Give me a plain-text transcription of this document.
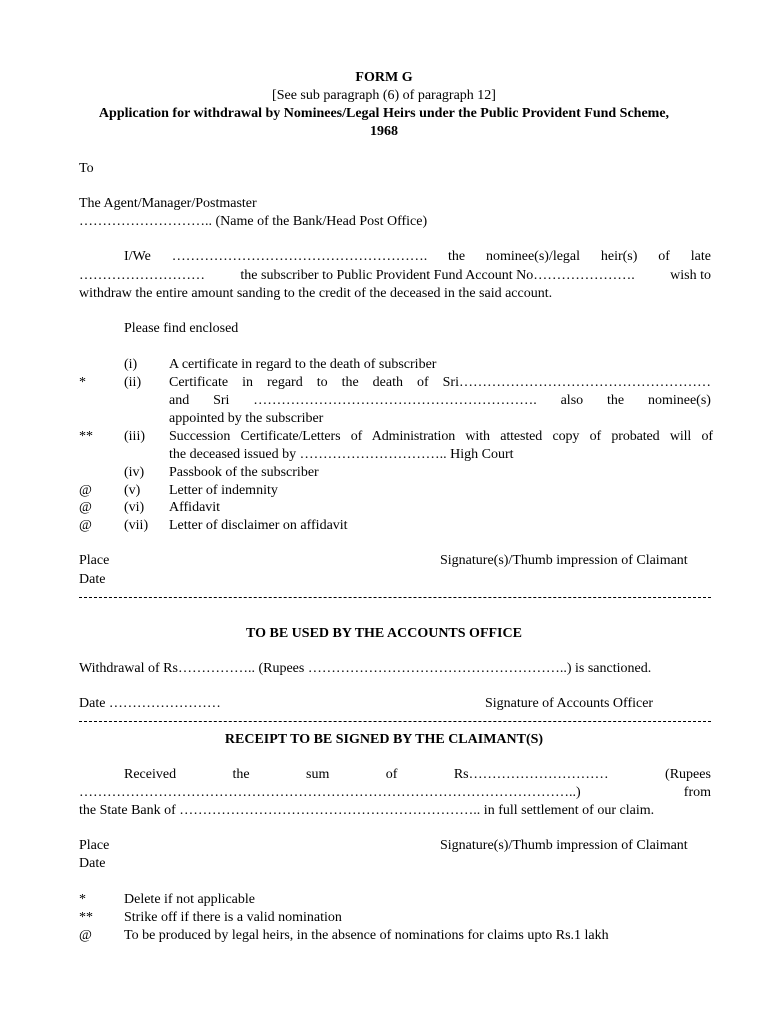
FORM G
[See sub paragraph (6) of paragraph 12]
Application for withdrawal by Nominees/Legal Heirs under the Public Provident Fund Scheme,
1968
To
The Agent/Manager/Postmaster
……………………….. (Name of the Bank/Head Post Office)
I/We ………………………………………………. the nominee(s)/legal heir(s) of late
………………………	the subscriber to Public Provident Fund Account No………………….	wish to
withdraw the entire amount sanding to the credit of the deceased in the said account.
Please find enclosed
(i) A certificate in regard to the death of subscriber
*	(ii) Certificate in regard to the death of Sri………………………………………………
and Sri ……………………………………………………. also the nominee(s)
appointed by the subscriber
** (iii) Succession Certificate/Letters of Administration with attested copy of probated will of
the deceased issued by ………………………….. High Court
(iv) Passbook of the subscriber
@ (v) Letter of indemnity
@ (vi) Affidavit
@ (vii) Letter of disclaimer on affidavit
Place
Date
Signature(s)/Thumb impression of Claimant
TO BE USED BY THE ACCOUNTS OFFICE
Withdrawal of Rs…………….. (Rupees ………………………………………………..) is sanctioned.
Date ……………………	Signature of Accounts Officer
RECEIPT TO BE SIGNED BY THE CLAIMANT(S)
Received	the	sum	of	Rs…………………………	(Rupees
……………………………………………………………………………………………..)	from
the State Bank of ……………………………………………………….. in full settlement of our claim.
Place
Date
Signature(s)/Thumb impression of Claimant
*	Delete if not applicable
** Strike off if there is a valid nomination
@ To be produced by legal heirs, in the absence of nominations for claims upto Rs.1 lakh
